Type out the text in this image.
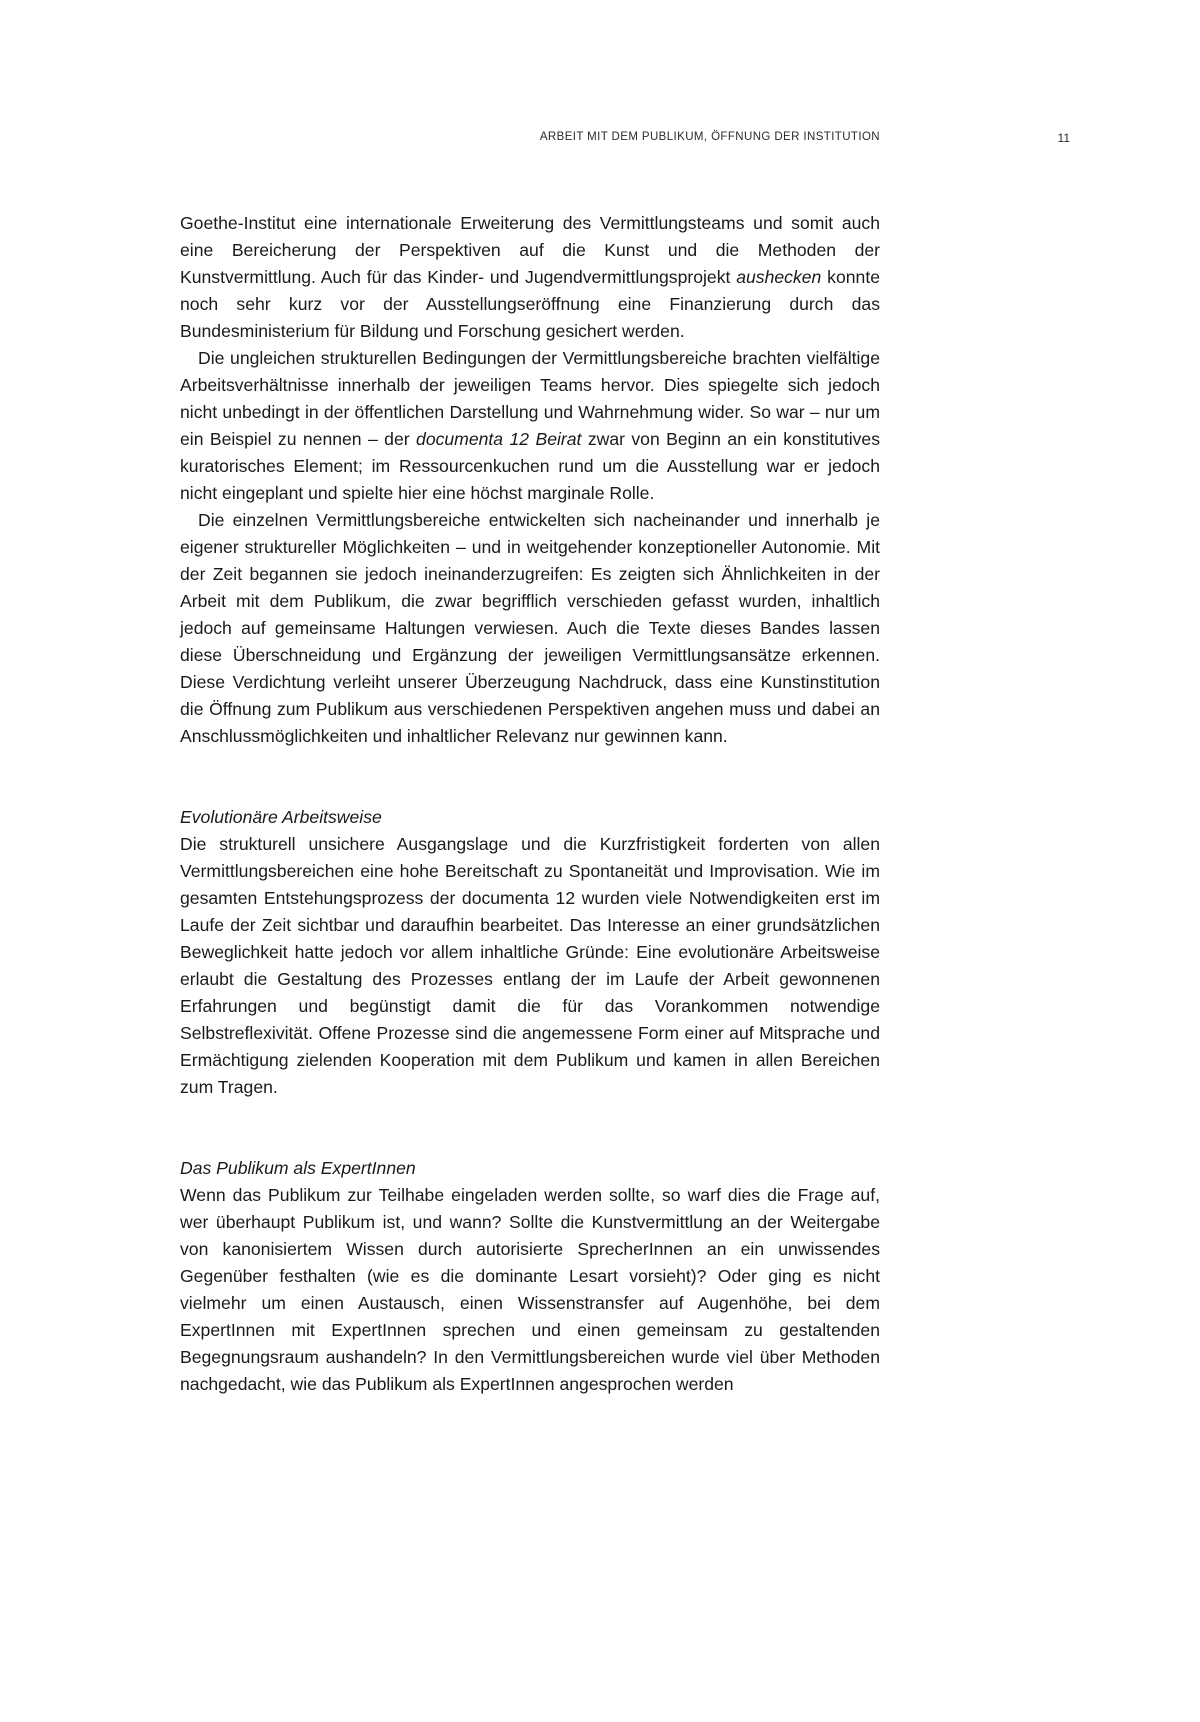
ARBEIT MIT DEM PUBLIKUM, ÖFFNUNG DER INSTITUTION	11

Goethe-Institut eine internationale Erweiterung des Vermittlungsteams und somit auch eine Bereicherung der Perspektiven auf die Kunst und die Methoden der Kunstvermittlung. Auch für das Kinder- und Jugendvermittlungsprojekt aushecken konnte noch sehr kurz vor der Ausstellungseröffnung eine Finanzierung durch das Bundesministerium für Bildung und Forschung gesichert werden.

Die ungleichen strukturellen Bedingungen der Vermittlungsbereiche brachten vielfältige Arbeitsverhältnisse innerhalb der jeweiligen Teams hervor. Dies spiegelte sich jedoch nicht unbedingt in der öffentlichen Darstellung und Wahrnehmung wider. So war – nur um ein Beispiel zu nennen – der documenta 12 Beirat zwar von Beginn an ein konstitutives kuratorisches Element; im Ressourcenkuchen rund um die Ausstellung war er jedoch nicht eingeplant und spielte hier eine höchst marginale Rolle.

Die einzelnen Vermittlungsbereiche entwickelten sich nacheinander und innerhalb je eigener struktureller Möglichkeiten – und in weitgehender konzeptioneller Autonomie. Mit der Zeit begannen sie jedoch ineinanderzugreifen: Es zeigten sich Ähnlichkeiten in der Arbeit mit dem Publikum, die zwar begrifflich verschieden gefasst wurden, inhaltlich jedoch auf gemeinsame Haltungen verwiesen. Auch die Texte dieses Bandes lassen diese Überschneidung und Ergänzung der jeweiligen Vermittlungsansätze erkennen. Diese Verdichtung verleiht unserer Überzeugung Nachdruck, dass eine Kunstinstitution die Öffnung zum Publikum aus verschiedenen Perspektiven angehen muss und dabei an Anschlussmöglichkeiten und inhaltlicher Relevanz nur gewinnen kann.

Evolutionäre Arbeitsweise

Die strukturell unsichere Ausgangslage und die Kurzfristigkeit forderten von allen Vermittlungsbereichen eine hohe Bereitschaft zu Spontaneität und Improvisation. Wie im gesamten Entstehungsprozess der documenta 12 wurden viele Notwendigkeiten erst im Laufe der Zeit sichtbar und daraufhin bearbeitet. Das Interesse an einer grundsätzlichen Beweglichkeit hatte jedoch vor allem inhaltliche Gründe: Eine evolutionäre Arbeitsweise erlaubt die Gestaltung des Prozesses entlang der im Laufe der Arbeit gewonnenen Erfahrungen und begünstigt damit die für das Vorankommen notwendige Selbstreflexivität. Offene Prozesse sind die angemessene Form einer auf Mitsprache und Ermächtigung zielenden Kooperation mit dem Publikum und kamen in allen Bereichen zum Tragen.

Das Publikum als ExpertInnen

Wenn das Publikum zur Teilhabe eingeladen werden sollte, so warf dies die Frage auf, wer überhaupt Publikum ist, und wann? Sollte die Kunstvermittlung an der Weitergabe von kanonisiertem Wissen durch autorisierte SprecherInnen an ein unwissendes Gegenüber festhalten (wie es die dominante Lesart vorsieht)? Oder ging es nicht vielmehr um einen Austausch, einen Wissenstransfer auf Augenhöhe, bei dem ExpertInnen mit ExpertInnen sprechen und einen gemeinsam zu gestaltenden Begegnungsraum aushandeln? In den Vermittlungsbereichen wurde viel über Methoden nachgedacht, wie das Publikum als ExpertInnen angesprochen werden
